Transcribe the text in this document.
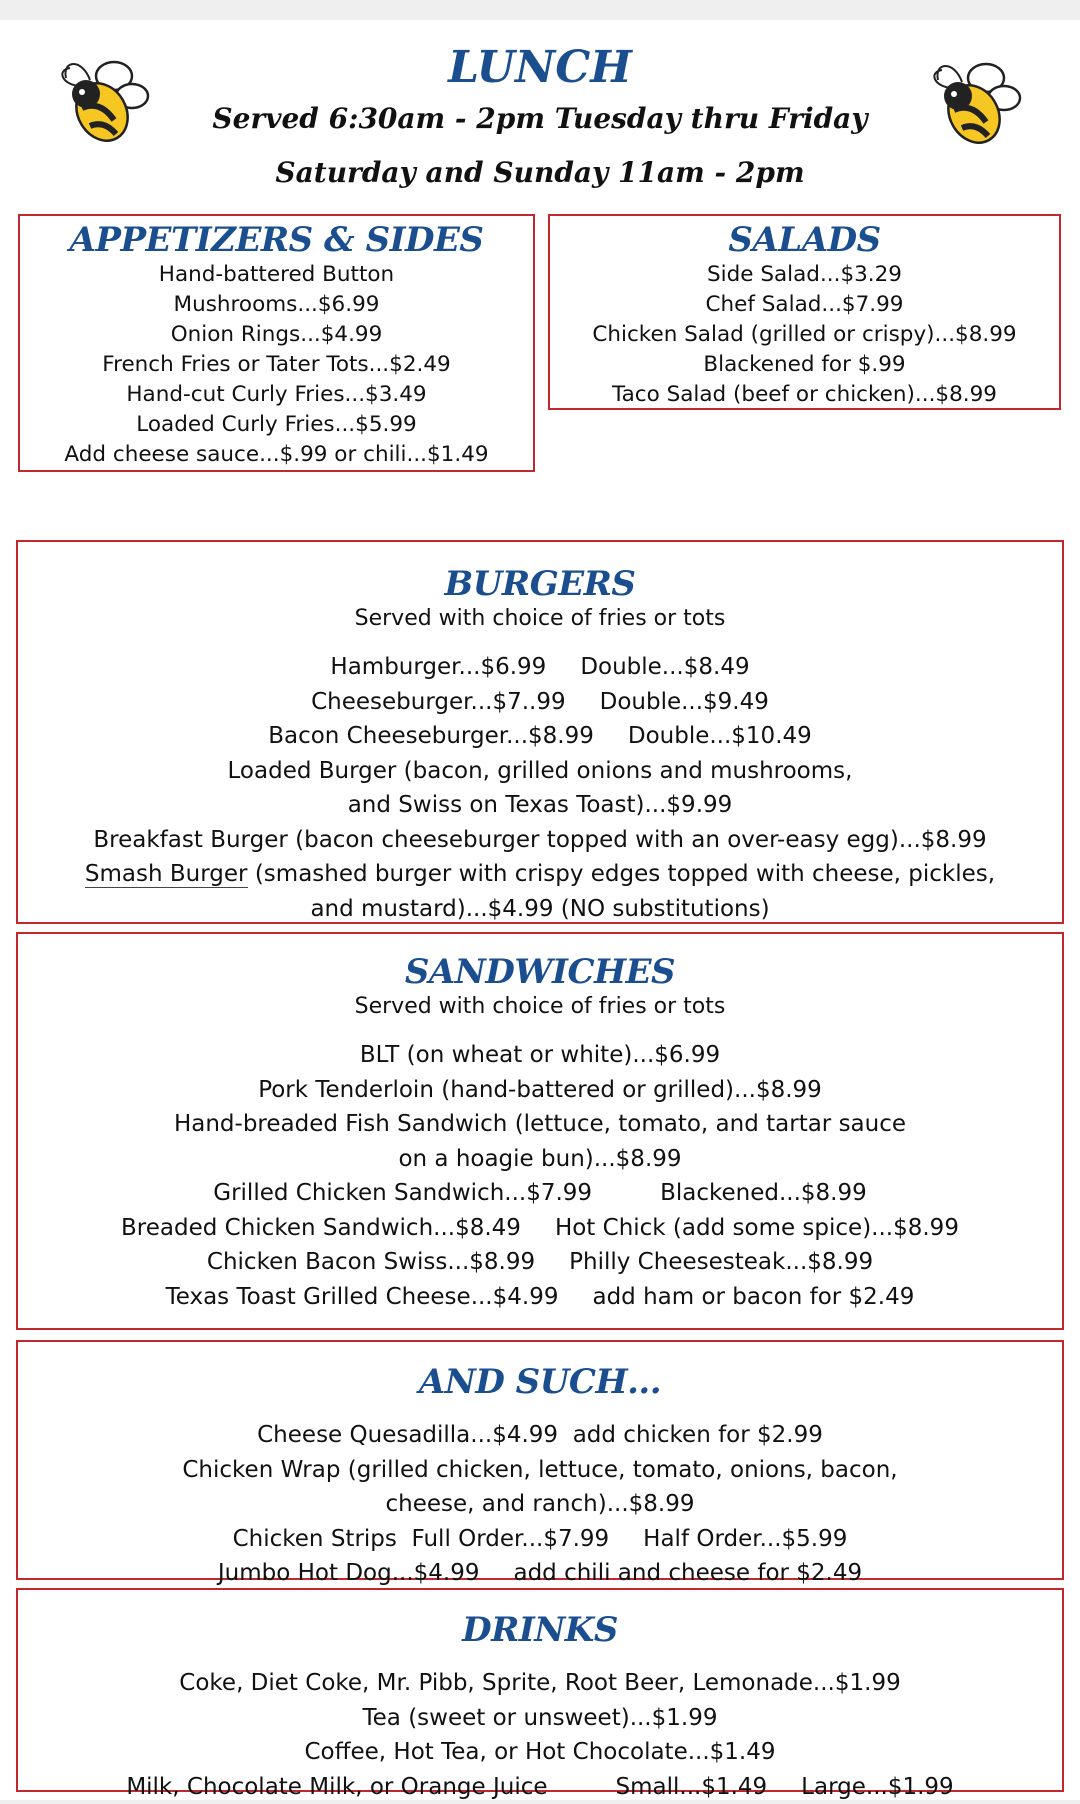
LUNCH
Served 6:30am - 2pm Tuesday thru Friday
Saturday and Sunday 11am - 2pm
APPETIZERS & SIDES
Hand-battered Button
Mushrooms...$6.99
Onion Rings...$4.99
French Fries or Tater Tots...$2.49
Hand-cut Curly Fries...$3.49
Loaded Curly Fries...$5.99
Add cheese sauce...$.99 or chili...$1.49
SALADS
Side Salad...$3.29
Chef Salad...$7.99
Chicken Salad (grilled or crispy)...$8.99
Blackened for $.99
Taco Salad (beef or chicken)...$8.99
BURGERS
Served with choice of fries or tots
Hamburger...$6.99 Double...$8.49
Cheeseburger...$7..99 Double...$9.49
Bacon Cheeseburger...$8.99 Double...$10.49
Loaded Burger (bacon, grilled onions and mushrooms,
and Swiss on Texas Toast)...$9.99
Breakfast Burger (bacon cheeseburger topped with an over-easy egg)...$8.99
Smash Burger (smashed burger with crispy edges topped with cheese, pickles,
and mustard)...$4.99 (NO substitutions)
SANDWICHES
Served with choice of fries or tots
BLT (on wheat or white)...$6.99
Pork Tenderloin (hand-battered or grilled)...$8.99
Hand-breaded Fish Sandwich (lettuce, tomato, and tartar sauce
on a hoagie bun)...$8.99
Grilled Chicken Sandwich...$7.99	Blackened...$8.99
Breaded Chicken Sandwich...$8.49 Hot Chick (add some spice)...$8.99
Chicken Bacon Swiss...$8.99 Philly Cheesesteak...$8.99
Texas Toast Grilled Cheese...$4.99 add ham or bacon for $2.49
AND SUCH...
Cheese Quesadilla...$4.99 add chicken for $2.99
Chicken Wrap (grilled chicken, lettuce, tomato, onions, bacon,
cheese, and ranch)...$8.99
Chicken Strips Full Order...$7.99 Half Order...$5.99
Jumbo Hot Dog...$4.99 add chili and cheese for $2.49
DRINKS
Coke, Diet Coke, Mr. Pibb, Sprite, Root Beer, Lemonade...$1.99
Tea (sweet or unsweet)...$1.99
Coffee, Hot Tea, or Hot Chocolate...$1.49
Milk, Chocolate Milk, or Orange Juice	Small...$1.49 Large...$1.99
